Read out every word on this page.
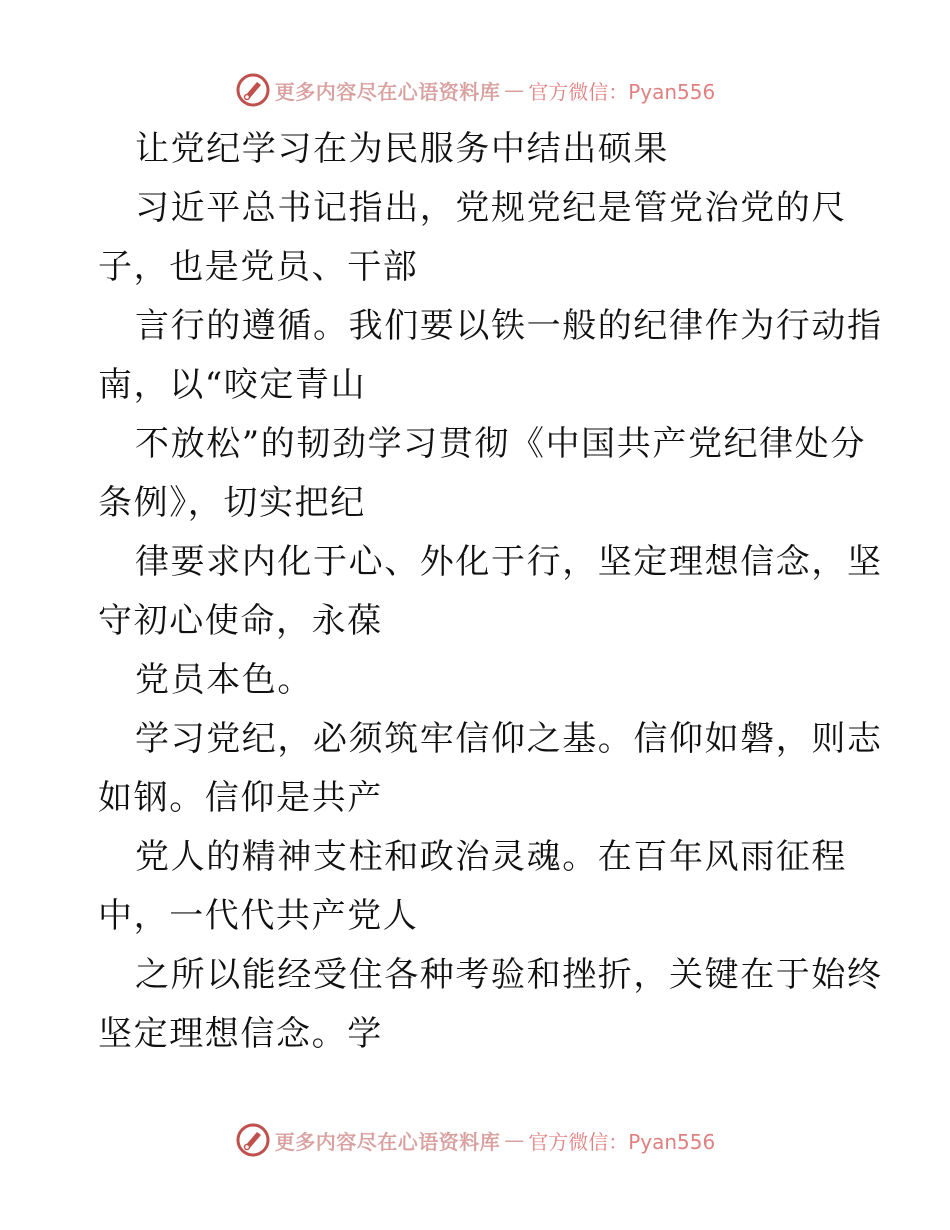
更多内容尽在心语资料库 — 官方微信：Pyan556
让党纪学习在为民服务中结出硕果
习近平总书记指出，党规党纪是管党治党的尺
子，也是党员、干部
言行的遵循。我们要以铁一般的纪律作为行动指
南，以“咬定青山
不放松”的韧劲学习贯彻《中国共产党纪律处分
条例》，切实把纪
律要求内化于心、外化于行，坚定理想信念，坚
守初心使命，永葆
党员本色。
学习党纪，必须筑牢信仰之基。信仰如磐，则志
如钢。信仰是共产
党人的精神支柱和政治灵魂。在百年风雨征程
中，一代代共产党人
之所以能经受住各种考验和挫折，关键在于始终
坚定理想信念。学
更多内容尽在心语资料库 — 官方微信：Pyan556
